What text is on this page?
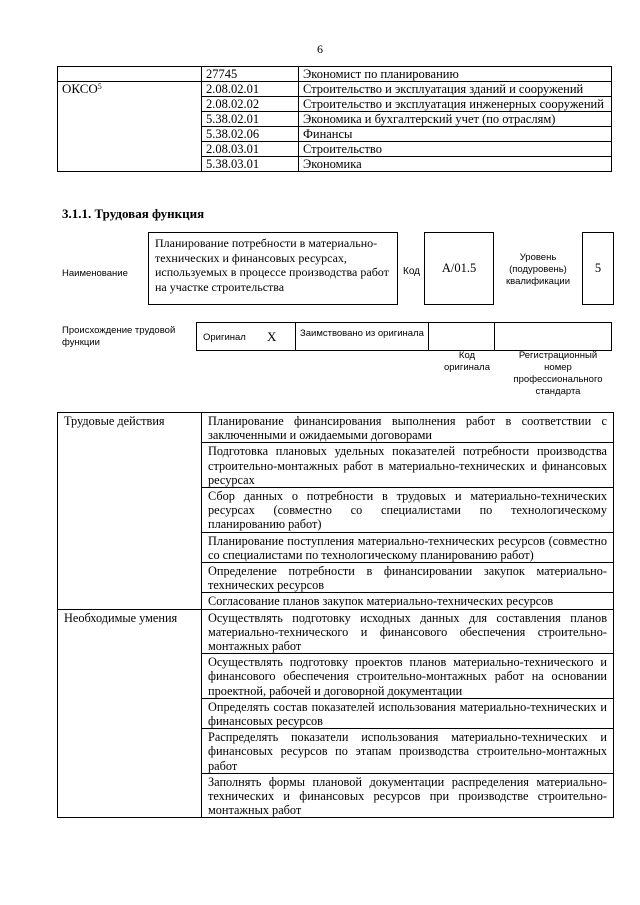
6
	27745	Экономист по планированию
ОКСО$^5$	2.08.02.01	Строительство и эксплуатация зданий и сооружений
	2.08.02.02	Строительство и эксплуатация инженерных сооружений
	5.38.02.01	Экономика и бухгалтерский учет (по отраслям)
	5.38.02.06	Финансы
	2.08.03.01	Строительство
	5.38.03.01	Экономика
3.1.1. Трудовая функция
Наименование
Планирование потребности в материально-технических и финансовых ресурсах, используемых в процессе производства работ на участке строительства
Код A/01.5
Уровень (подуровень) квалификации
5
Происхождение трудовой функции	Оригинал X	Заимствовано из оригинала		
Код оригинала
Регистрационный номер профессионального стандарта
Трудовые действия	Планирование финансирования выполнения работ в соответствии с заключенными и ожидаемыми договорами
	Подготовка плановых удельных показателей потребности производства строительно-монтажных работ в материально-технических и финансовых ресурсах
	Сбор данных о потребности в трудовых и материально-технических ресурсах (совместно со специалистами по технологическому планированию работ)
	Планирование поступления материально-технических ресурсов (совместно со специалистами по технологическому планированию работ)
	Определение потребности в финансировании закупок материально-технических ресурсов
	Согласование планов закупок материально-технических ресурсов
Необходимые умения	Осуществлять подготовку исходных данных для составления планов материально-технического и финансового обеспечения строительно-монтажных работ
	Осуществлять подготовку проектов планов материально-технического и финансового обеспечения строительно-монтажных работ на основании проектной, рабочей и договорной документации
	Определять состав показателей использования материально-технических и финансовых ресурсов
	Распределять показатели использования материально-технических и финансовых ресурсов по этапам производства строительно-монтажных работ
	Заполнять формы плановой документации распределения материально-технических и финансовых ресурсов при производстве строительно-монтажных работ
